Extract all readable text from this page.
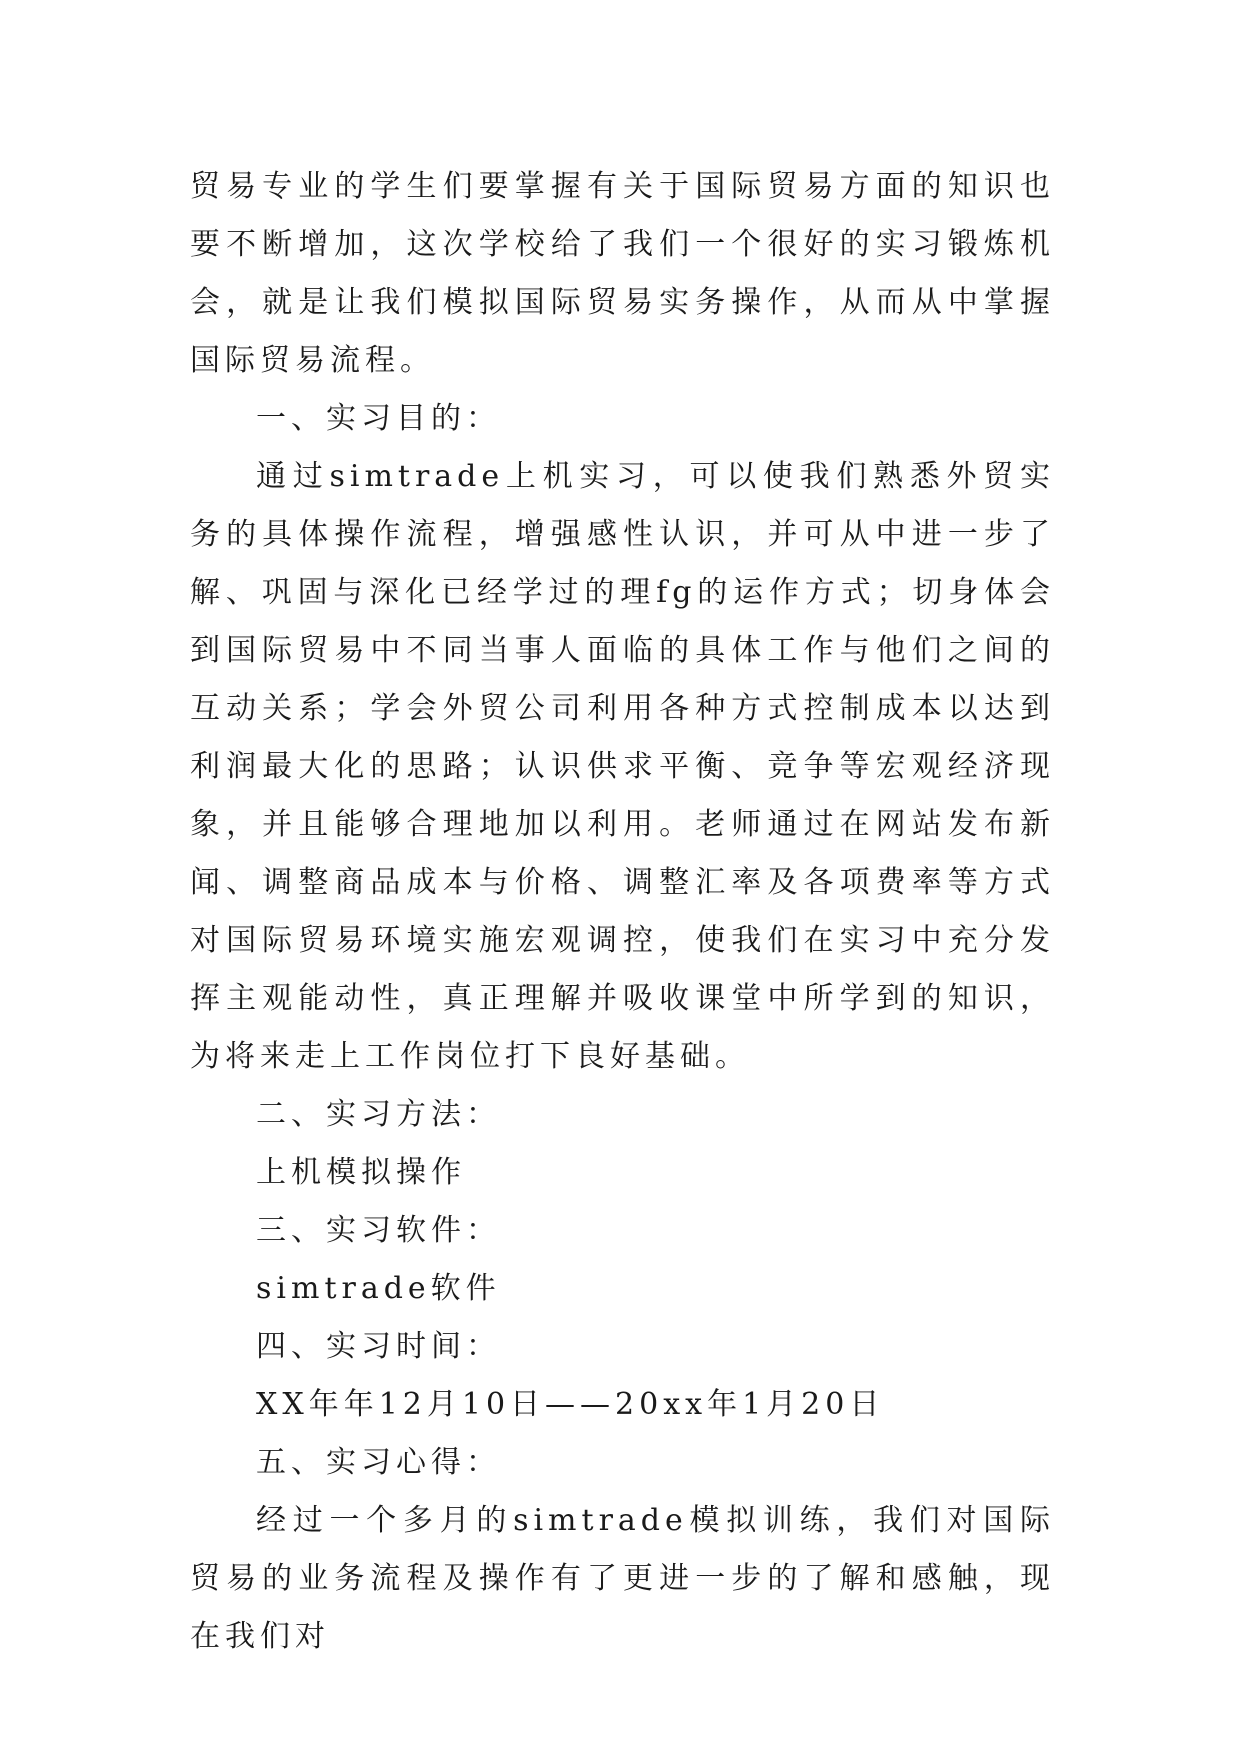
贸易专业的学生们要掌握有关于国际贸易方面的知识也要不断增加，这次学校给了我们一个很好的实习锻炼机会，就是让我们模拟国际贸易实务操作，从而从中掌握国际贸易流程。

一、实习目的：

通过simtrade上机实习，可以使我们熟悉外贸实务的具体操作流程，增强感性认识，并可从中进一步了解、巩固与深化已经学过的理fg的运作方式；切身体会到国际贸易中不同当事人面临的具体工作与他们之间的互动关系；学会外贸公司利用各种方式控制成本以达到利润最大化的思路；认识供求平衡、竞争等宏观经济现象，并且能够合理地加以利用。老师通过在网站发布新闻、调整商品成本与价格、调整汇率及各项费率等方式对国际贸易环境实施宏观调控，使我们在实习中充分发挥主观能动性，真正理解并吸收课堂中所学到的知识，为将来走上工作岗位打下良好基础。

二、实习方法：

上机模拟操作

三、实习软件：

simtrade软件

四、实习时间：

XX年年12月10日——20xx年1月20日

五、实习心得：

经过一个多月的simtrade模拟训练，我们对国际贸易的业务流程及操作有了更进一步的了解和感触，现在我们对
